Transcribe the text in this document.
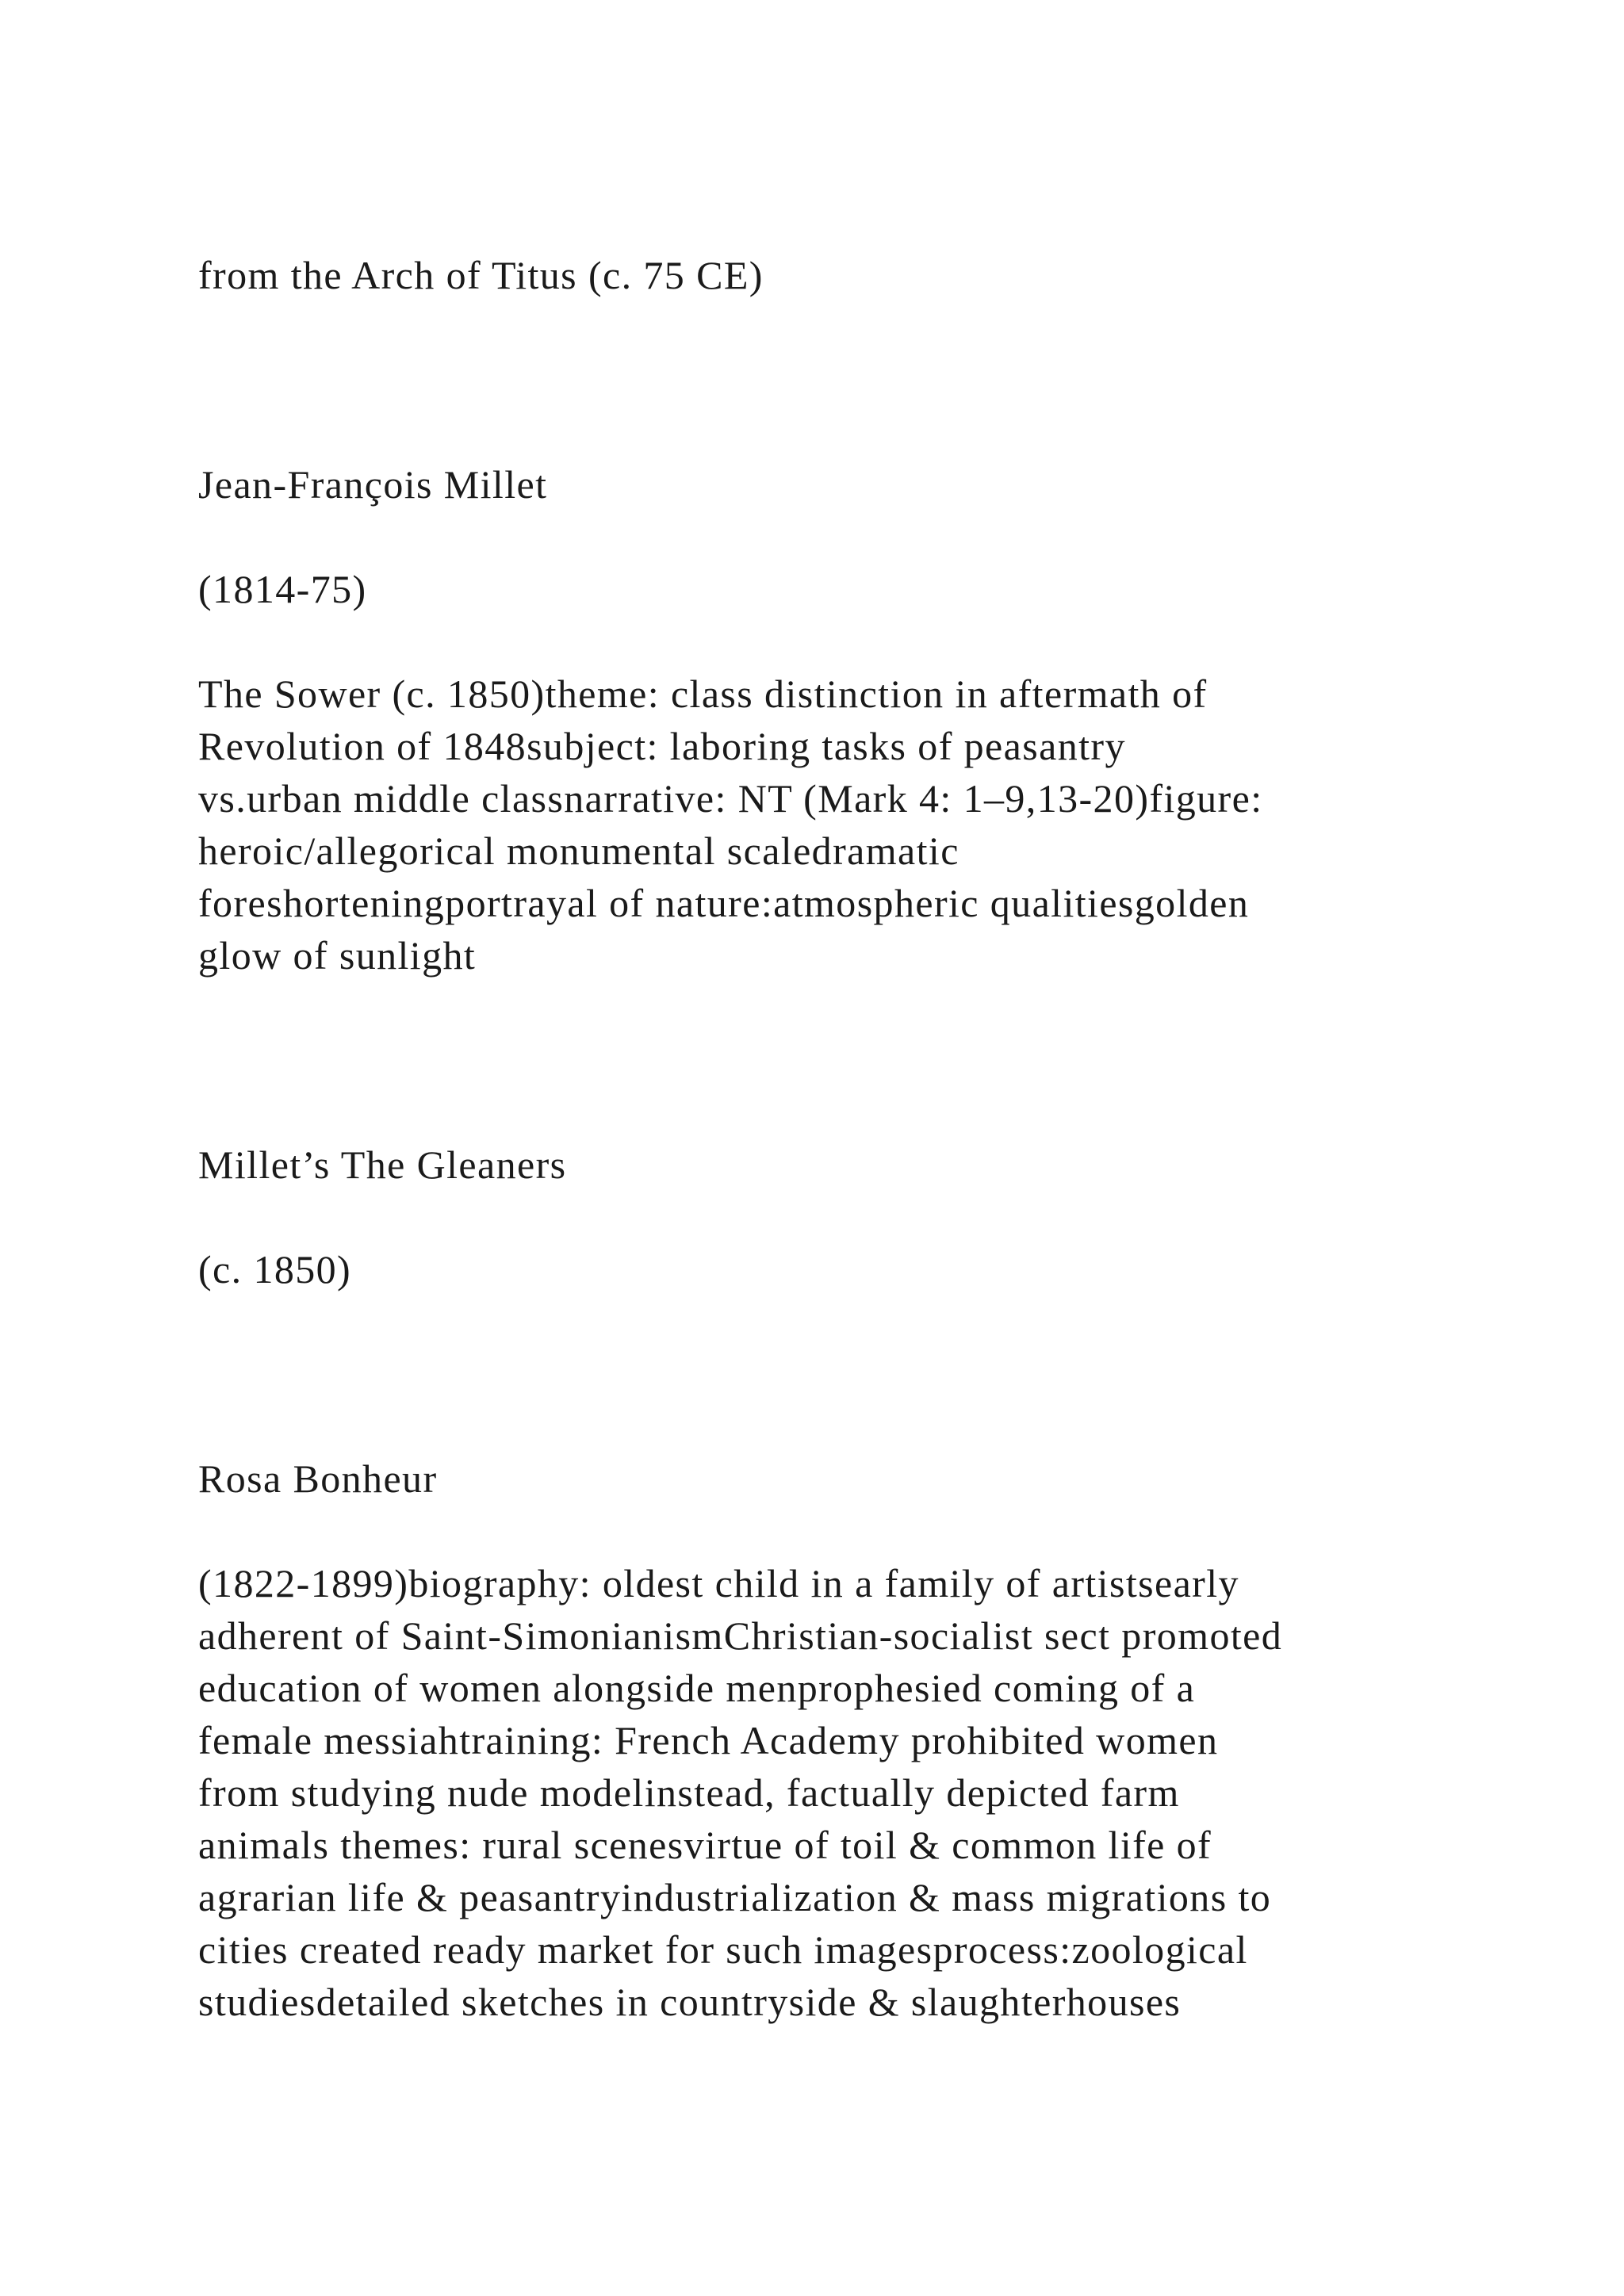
from the Arch of Titus (c. 75 CE)

Jean-François Millet

(1814-75)

The Sower (c. 1850)theme: class distinction in aftermath of
Revolution of 1848subject: laboring tasks of peasantry
vs.urban middle classnarrative: NT (Mark 4: 1–9,13-20)figure:
heroic/allegorical monumental scaledramatic
foreshorteningportrayal of nature:atmospheric qualitiesgolden
glow of sunlight

Millet’s The Gleaners

(c. 1850)

Rosa Bonheur

(1822-1899)biography: oldest child in a family of artistsearly
adherent of Saint-SimonianismChristian-socialist sect promoted
education of women alongside menprophesied coming of a
female messiahtraining: French Academy prohibited women
from studying nude modelinstead, factually depicted farm
animals themes: rural scenesvirtue of toil & common life of
agrarian life & peasantryindustrialization & mass migrations to
cities created ready market for such imagesprocess:zoological
studiesdetailed sketches in countryside & slaughterhouses
